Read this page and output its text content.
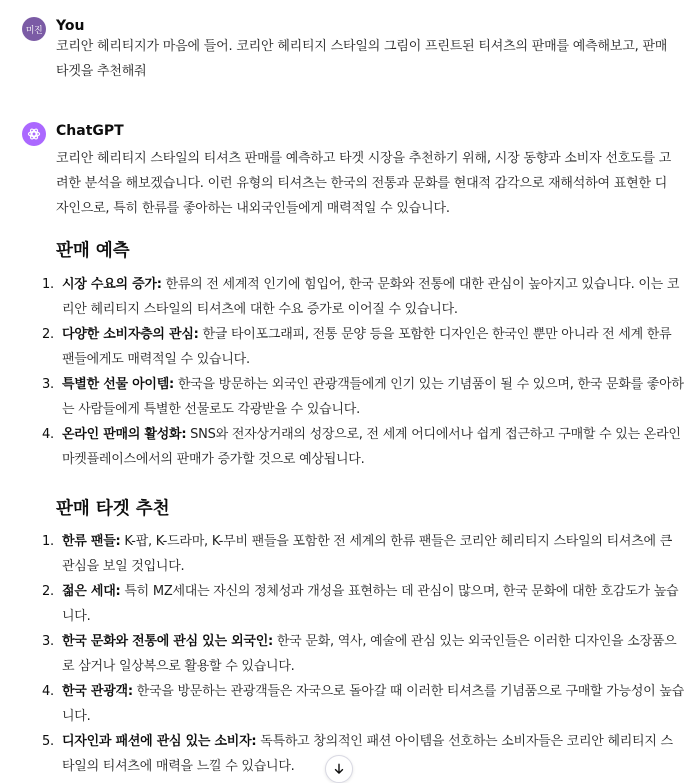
미진 You
코리안 헤리티지가 마음에 들어. 코리안 헤리티지 스타일의 그림이 프린트된 티셔츠의 판매를 예측해보고, 판매 타겟을 추천해줘
ChatGPT
코리안 헤리티지 스타일의 티셔츠 판매를 예측하고 타겟 시장을 추천하기 위해, 시장 동향과 소비자 선호도를 고려한 분석을 해보겠습니다. 이런 유형의 티셔츠는 한국의 전통과 문화를 현대적 감각으로 재해석하여 표현한 디자인으로, 특히 한류를 좋아하는 내외국인들에게 매력적일 수 있습니다.
판매 예측
1. 시장 수요의 증가: 한류의 전 세계적 인기에 힘입어, 한국 문화와 전통에 대한 관심이 높아지고 있습니다. 이는 코리안 헤리티지 스타일의 티셔츠에 대한 수요 증가로 이어질 수 있습니다.
2. 다양한 소비자층의 관심: 한글 타이포그래피, 전통 문양 등을 포함한 디자인은 한국인 뿐만 아니라 전 세계 한류 팬들에게도 매력적일 수 있습니다.
3. 특별한 선물 아이템: 한국을 방문하는 외국인 관광객들에게 인기 있는 기념품이 될 수 있으며, 한국 문화를 좋아하는 사람들에게 특별한 선물로도 각광받을 수 있습니다.
4. 온라인 판매의 활성화: SNS와 전자상거래의 성장으로, 전 세계 어디에서나 쉽게 접근하고 구매할 수 있는 온라인 마켓플레이스에서의 판매가 증가할 것으로 예상됩니다.
판매 타겟 추천
1. 한류 팬들: K-팝, K-드라마, K-무비 팬들을 포함한 전 세계의 한류 팬들은 코리안 헤리티지 스타일의 티셔츠에 큰 관심을 보일 것입니다.
2. 젊은 세대: 특히 MZ세대는 자신의 정체성과 개성을 표현하는 데 관심이 많으며, 한국 문화에 대한 호감도가 높습니다.
3. 한국 문화와 전통에 관심 있는 외국인: 한국 문화, 역사, 예술에 관심 있는 외국인들은 이러한 디자인을 소장품으로 삼거나 일상복으로 활용할 수 있습니다.
4. 한국 관광객: 한국을 방문하는 관광객들은 자국으로 돌아갈 때 이러한 티셔츠를 기념품으로 구매할 가능성이 높습니다.
5. 디자인과 패션에 관심 있는 소비자: 독특하고 창의적인 패션 아이템을 선호하는 소비자들은 코리안 헤리티지 스타일의 티셔츠에 매력을 느낄 수 있습니다.
